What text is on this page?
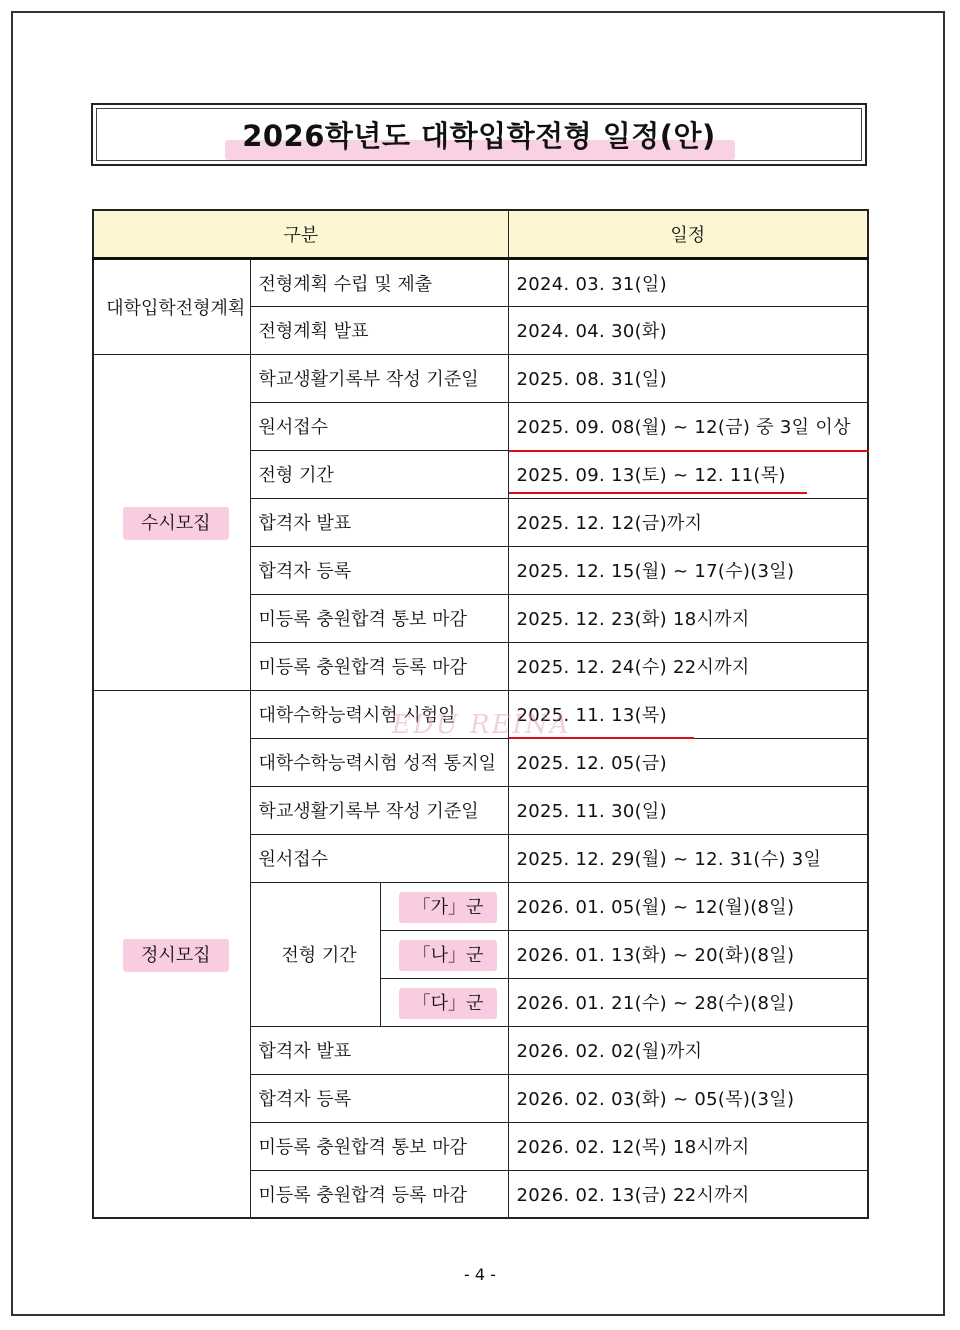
2026학년도 대학입학전형 일정(안)
구분			일정
대학입학전형계획	전형계획 수립 및 제출		2024. 03. 31(일)
	전형계획 발표		2024. 04. 30(화)
수시모집	학교생활기록부 작성 기준일		2025. 08. 31(일)
	원서접수		2025. 09. 08(월) ~ 12(금) 중 3일 이상

	전형 기간		2025. 09. 13(토) ~ 12. 11(목)

	합격자 발표		2025. 12. 12(금)까지
	합격자 등록		2025. 12. 15(월) ~ 17(수)(3일)
	미등록 충원합격 통보 마감		2025. 12. 23(화) 18시까지
	미등록 충원합격 등록 마감		2025. 12. 24(수) 22시까지
정시모집	대학수학능력시험 시험일		2025. 11. 13(목)

	대학수학능력시험 성적 통지일		2025. 12. 05(금)
	학교생활기록부 작성 기준일		2025. 11. 30(일)
	원서접수		2025. 12. 29(월) ~ 12. 31(수) 3일
	전형 기간	「가」군	2026. 01. 05(월) ~ 12(월)(8일)
		「나」군	2026. 01. 13(화) ~ 20(화)(8일)
		「다」군	2026. 01. 21(수) ~ 28(수)(8일)
	합격자 발표		2026. 02. 02(월)까지
	합격자 등록		2026. 02. 03(화) ~ 05(목)(3일)
	미등록 충원합격 통보 마감		2026. 02. 12(목) 18시까지
	미등록 충원합격 등록 마감		2026. 02. 13(금) 22시까지
EDU REINA
- 4 -
